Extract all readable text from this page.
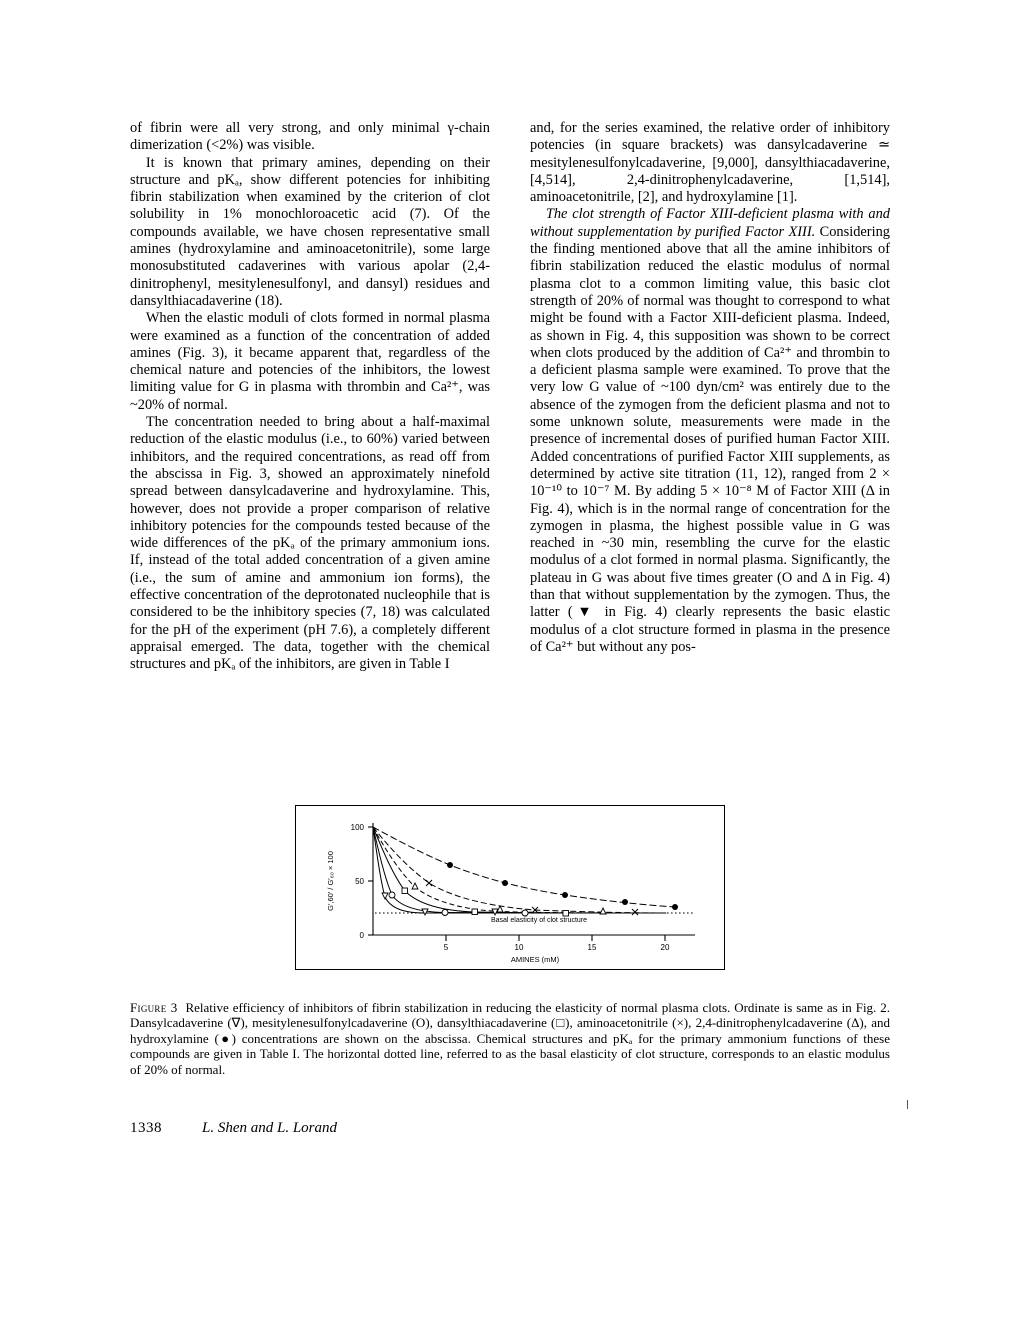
of fibrin were all very strong, and only minimal γ-chain dimerization (<2%) was visible.

It is known that primary amines, depending on their structure and pKₐ, show different potencies for inhibiting fibrin stabilization when examined by the criterion of clot solubility in 1% monochloroacetic acid (7). Of the compounds available, we have chosen representative small amines (hydroxylamine and aminoacetonitrile), some large monosubstituted cadaverines with various apolar (2,4-dinitrophenyl, mesitylenesulfonyl, and dansyl) residues and dansylthiacadaverine (18).

When the elastic moduli of clots formed in normal plasma were examined as a function of the concentration of added amines (Fig. 3), it became apparent that, regardless of the chemical nature and potencies of the inhibitors, the lowest limiting value for G in plasma with thrombin and Ca²⁺, was ~20% of normal.

The concentration needed to bring about a half-maximal reduction of the elastic modulus (i.e., to 60%) varied between inhibitors, and the required concentrations, as read off from the abscissa in Fig. 3, showed an approximately ninefold spread between dansylcadaverine and hydroxylamine. This, however, does not provide a proper comparison of relative inhibitory potencies for the compounds tested because of the wide differences of the pKₐ of the primary ammonium ions. If, instead of the total added concentration of a given amine (i.e., the sum of amine and ammonium ion forms), the effective concentration of the deprotonated nucleophile that is considered to be the inhibitory species (7, 18) was calculated for the pH of the experiment (pH 7.6), a completely different appraisal emerged. The data, together with the chemical structures and pKₐ of the inhibitors, are given in Table I

and, for the series examined, the relative order of inhibitory potencies (in square brackets) was dansylcadaverine ≃ mesitylenesulfonylcadaverine, [9,000], dansylthiacadaverine, [4,514], 2,4-dinitrophenylcadaverine, [1,514], aminoacetonitrile, [2], and hydroxylamine [1].

The clot strength of Factor XIII-deficient plasma with and without supplementation by purified Factor XIII. Considering the finding mentioned above that all the amine inhibitors of fibrin stabilization reduced the elastic modulus of normal plasma clot to a common limiting value, this basic clot strength of 20% of normal was thought to correspond to what might be found with a Factor XIII-deficient plasma. Indeed, as shown in Fig. 4, this supposition was shown to be correct when clots produced by the addition of Ca²⁺ and thrombin to a deficient plasma sample were examined. To prove that the very low G value of ~100 dyn/cm² was entirely due to the absence of the zymogen from the deficient plasma and not to some unknown solute, measurements were made in the presence of incremental doses of purified human Factor XIII. Added concentrations of purified Factor XIII supplements, as determined by active site titration (11, 12), ranged from 2 × 10⁻¹⁰ to 10⁻⁷ M. By adding 5 × 10⁻⁸ M of Factor XIII (Δ in Fig. 4), which is in the normal range of concentration for the zymogen in plasma, the highest possible value in G was reached in ~30 min, resembling the curve for the elastic modulus of a clot formed in normal plasma. Significantly, the plateau in G was about five times greater (O and Δ in Fig. 4) than that without supplementation by the zymogen. Thus, the latter (▼ in Fig. 4) clearly represents the basic elastic modulus of a clot structure formed in plasma in the presence of Ca²⁺ but without any pos-

100
50
0
G′,60′ / G′₆₀ × 100
5	10	15	20
AMINES (mM)
Basal elasticity of clot structure
Figure 3 Relative efficiency of inhibitors of fibrin stabilization in reducing the elasticity of normal plasma clots. Ordinate is same as in Fig. 2. Dansylcadaverine (∇), mesitylenesulfonylcadaverine (O), dansylthiacadaverine (□), aminoacetonitrile (×), 2,4-dinitrophenylcadaverine (Δ), and hydroxylamine (●) concentrations are shown on the abscissa. Chemical structures and pKₐ for the primary ammonium functions of these compounds are given in Table I. The horizontal dotted line, referred to as the basal elasticity of clot structure, corresponds to an elastic modulus of 20% of normal.
1338	L. Shen and L. Lorand
